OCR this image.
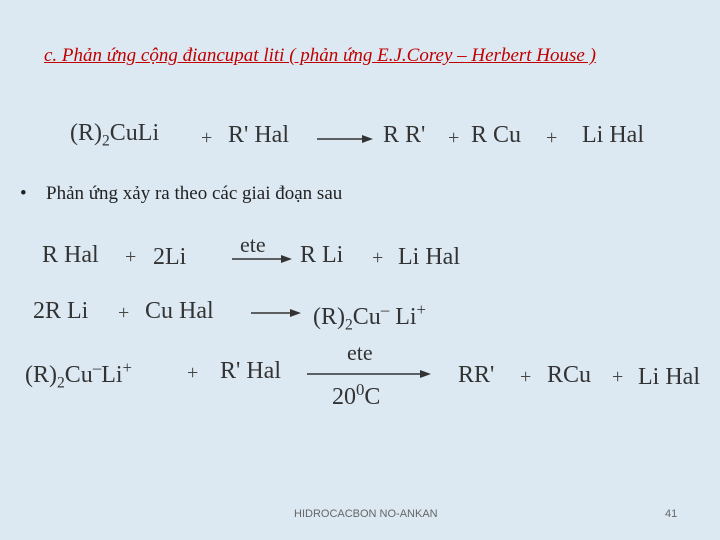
c. Phản ứng cộng điancupat liti ( phản ứng E.J.Corey – Herbert House )
$(R)_2CuLi + R'$ Hal	R R' + R Cu + Li Hal
• Phản ứng xảy ra theo các giai đoạn sau
R Hal + 2Li ete R Li + Li Hal
2R Li + Cu Hal	$(R)_2Cu^-$ Li+
$(R)_2Cu^-Li^+$	+ R' Hal
ete
$20^0C$
RR' + RCu + Li Hal
HIDROCACBON NO-ANKAN	41
